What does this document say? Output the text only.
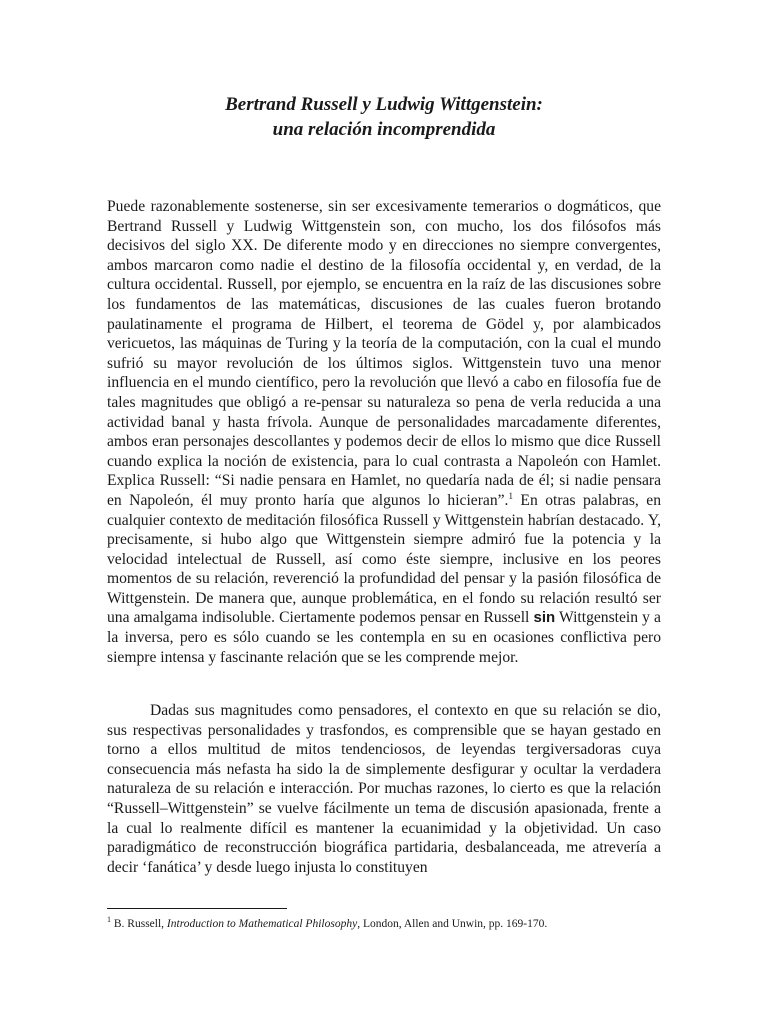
Bertrand Russell y Ludwig Wittgenstein:
una relación incomprendida

Puede razonablemente sostenerse, sin ser excesivamente temerarios o dogmáticos, que Bertrand Russell y Ludwig Wittgenstein son, con mucho, los dos filósofos más decisivos del siglo XX. De diferente modo y en direcciones no siempre convergentes, ambos marcaron como nadie el destino de la filosofía occidental y, en verdad, de la cultura occidental. Russell, por ejemplo, se encuentra en la raíz de las discusiones sobre los fundamentos de las matemáticas, discusiones de las cuales fueron brotando paulatinamente el programa de Hilbert, el teorema de Gödel y, por alambicados vericuetos, las máquinas de Turing y la teoría de la computación, con la cual el mundo sufrió su mayor revolución de los últimos siglos. Wittgenstein tuvo una menor influencia en el mundo científico, pero la revolución que llevó a cabo en filosofía fue de tales magnitudes que obligó a re-pensar su naturaleza so pena de verla reducida a una actividad banal y hasta frívola. Aunque de personalidades marcadamente diferentes, ambos eran personajes descollantes y podemos decir de ellos lo mismo que dice Russell cuando explica la noción de existencia, para lo cual contrasta a Napoleón con Hamlet. Explica Russell: “Si nadie pensara en Hamlet, no quedaría nada de él; si nadie pensara en Napoleón, él muy pronto haría que algunos lo hicieran”.$^1$ En otras palabras, en cualquier contexto de meditación filosófica Russell y Wittgenstein habrían destacado. Y, precisamente, si hubo algo que Wittgenstein siempre admiró fue la potencia y la velocidad intelectual de Russell, así como éste siempre, inclusive en los peores momentos de su relación, reverenció la profundidad del pensar y la pasión filosófica de Wittgenstein. De manera que, aunque problemática, en el fondo su relación resultó ser una amalgama indisoluble. Ciertamente podemos pensar en Russell sin Wittgenstein y a la inversa, pero es sólo cuando se les contempla en su en ocasiones conflictiva pero siempre intensa y fascinante relación que se les comprende mejor.

Dadas sus magnitudes como pensadores, el contexto en que su relación se dio, sus respectivas personalidades y trasfondos, es comprensible que se hayan gestado en torno a ellos multitud de mitos tendenciosos, de leyendas tergiversadoras cuya consecuencia más nefasta ha sido la de simplemente desfigurar y ocultar la verdadera naturaleza de su relación e interacción. Por muchas razones, lo cierto es que la relación “Russell–Wittgenstein” se vuelve fácilmente un tema de discusión apasionada, frente a la cual lo realmente difícil es mantener la ecuanimidad y la objetividad. Un caso paradigmático de reconstrucción biográfica partidaria, desbalanceada, me atrevería a decir ‘fanática’ y desde luego injusta lo constituyen

$^1$ B. Russell, Introduction to Mathematical Philosophy, London, Allen and Unwin, pp. 169-170.
